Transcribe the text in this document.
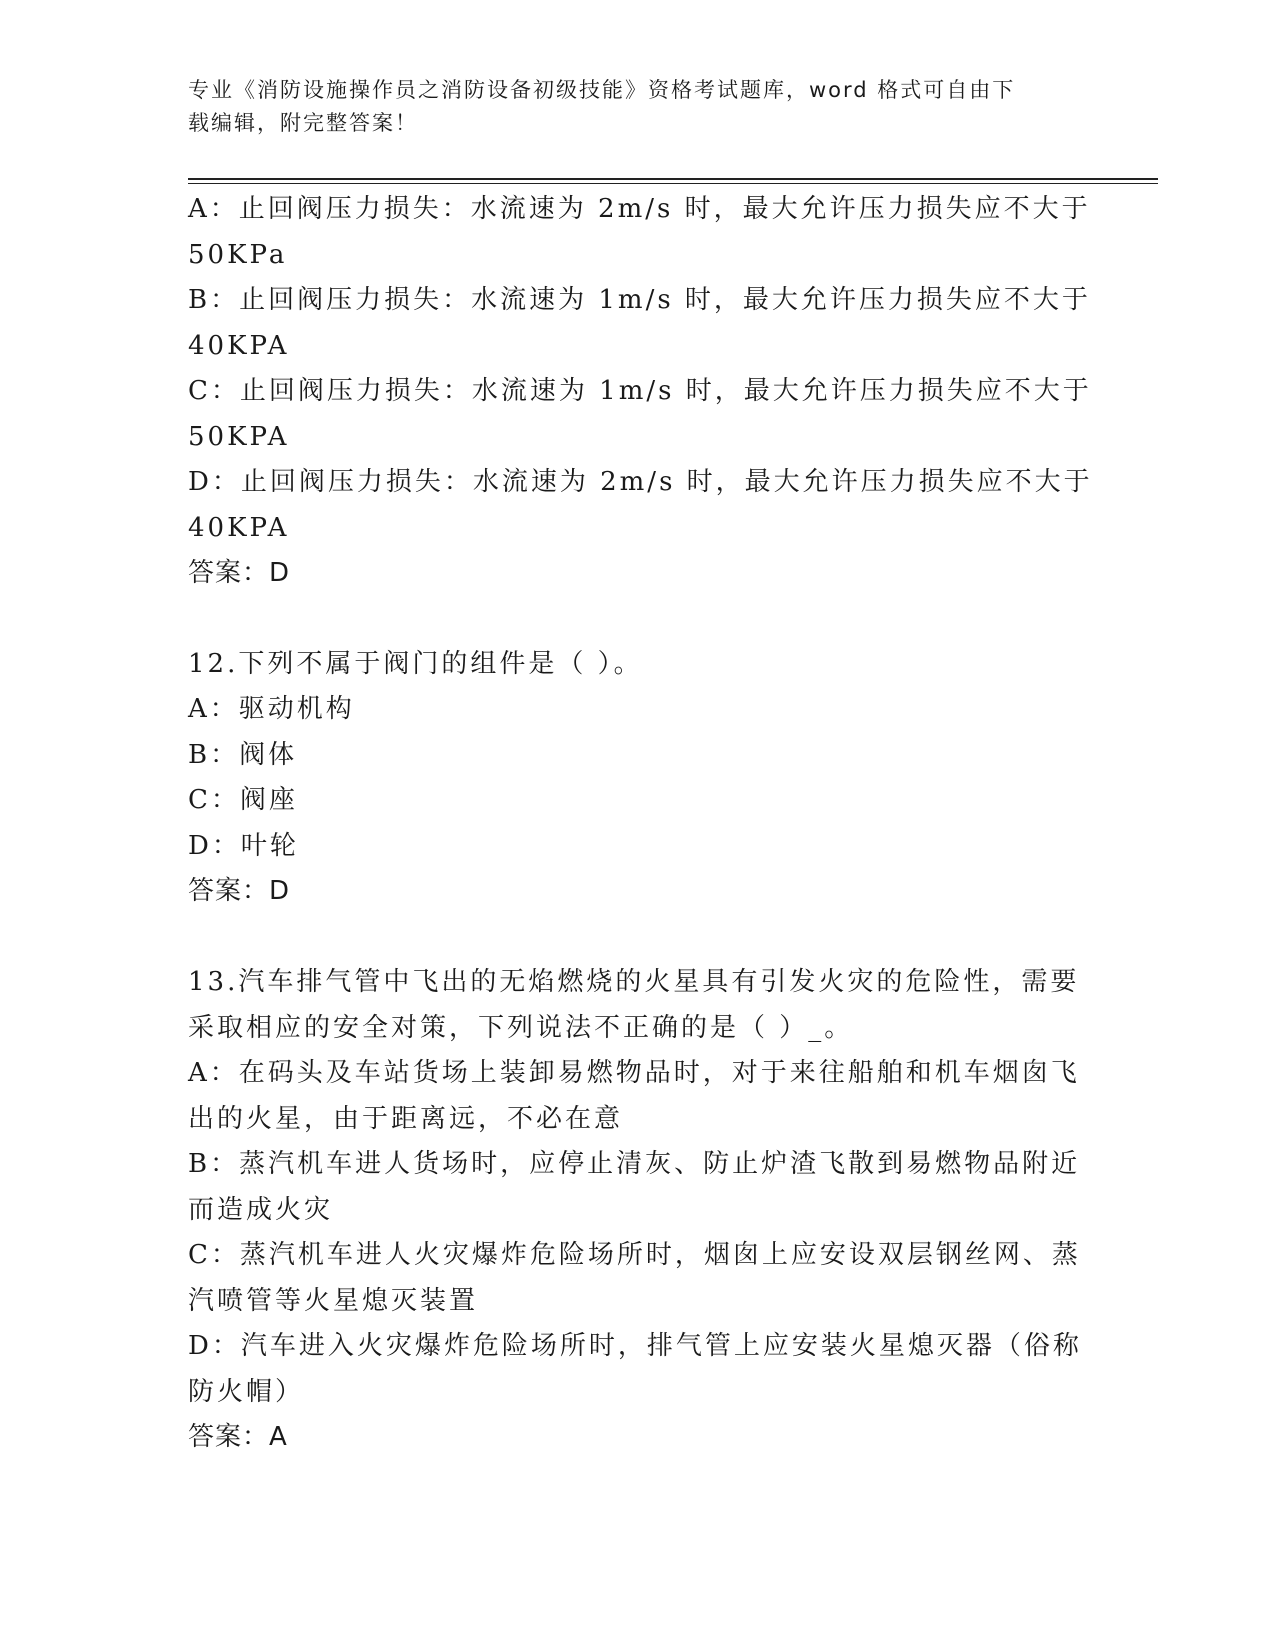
专业《消防设施操作员之消防设备初级技能》资格考试题库，word 格式可自由下
载编辑，附完整答案！
A：止回阀压力损失：水流速为 2m/s 时，最大允许压力损失应不大于
50KPa
B：止回阀压力损失：水流速为 1m/s 时，最大允许压力损失应不大于
40KPA
C：止回阀压力损失：水流速为 1m/s 时，最大允许压力损失应不大于
50KPA
D：止回阀压力损失：水流速为 2m/s 时，最大允许压力损失应不大于
40KPA
答案：D
12.下列不属于阀门的组件是（ ）。
A：驱动机构
B：阀体
C：阀座
D：叶轮
答案：D
13.汽车排气管中飞出的无焰燃烧的火星具有引发火灾的危险性，需要
采取相应的安全对策，下列说法不正确的是（ ）_。
A：在码头及车站货场上装卸易燃物品时，对于来往船舶和机车烟囱飞
出的火星，由于距离远，不必在意
B：蒸汽机车进人货场时，应停止清灰、防止炉渣飞散到易燃物品附近
而造成火灾
C：蒸汽机车进人火灾爆炸危险场所时，烟囱上应安设双层钢丝网、蒸
汽喷管等火星熄灭装置
D：汽车进入火灾爆炸危险场所时，排气管上应安装火星熄灭器（俗称
防火帽）
答案：A
